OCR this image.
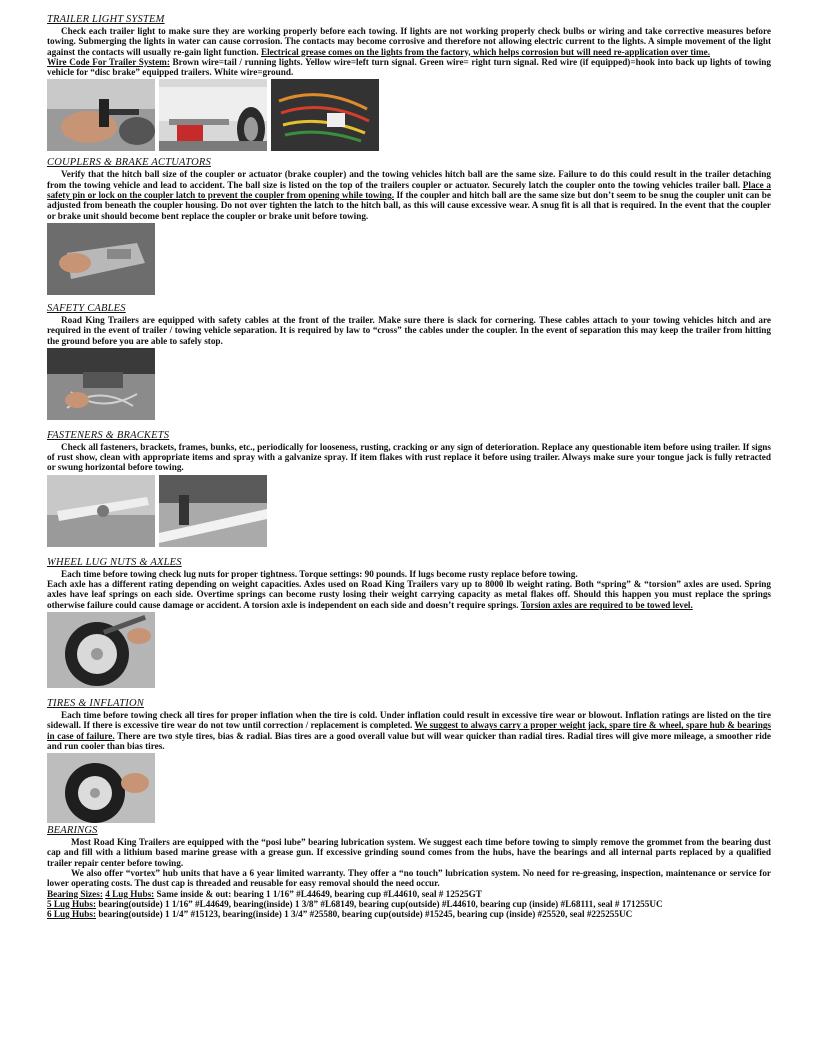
TRAILER LIGHT SYSTEM

Check each trailer light to make sure they are working properly before each towing. If lights are not working properly check bulbs or wiring and take corrective measures before towing. Submerging the lights in water can cause corrosion. The contacts may become corrosive and therefore not allowing electric current to the lights. A simple movement of the light against the contacts will usually re-gain light function. Electrical grease comes on the lights from the factory, which helps corrosion but will need re-application over time.

Wire Code For Trailer System: Brown wire=tail / running lights. Yellow wire=left turn signal. Green wire= right turn signal. Red wire (if equipped)=hook into back up lights of towing vehicle for “disc brake” equipped trailers. White wire=ground.

COUPLERS & BRAKE ACTUATORS

Verify that the hitch ball size of the coupler or actuator (brake coupler) and the towing vehicles hitch ball are the same size. Failure to do this could result in the trailer detaching from the towing vehicle and lead to accident. The ball size is listed on the top of the trailers coupler or actuator. Securely latch the coupler onto the towing vehicles trailer ball. Place a safety pin or lock on the coupler latch to prevent the coupler from opening while towing. If the coupler and hitch ball are the same size but don’t seem to be snug the coupler unit can be adjusted from beneath the coupler housing. Do not over tighten the latch to the hitch ball, as this will cause excessive wear. A snug fit is all that is required. In the event that the coupler or brake unit should become bent replace the coupler or brake unit before towing.

SAFETY CABLES

Road King Trailers are equipped with safety cables at the front of the trailer. Make sure there is slack for cornering. These cables attach to your towing vehicles hitch and are required in the event of trailer / towing vehicle separation. It is required by law to “cross” the cables under the coupler. In the event of separation this may keep the trailer from hitting the ground before you are able to safely stop.

FASTENERS & BRACKETS

Check all fasteners, brackets, frames, bunks, etc., periodically for looseness, rusting, cracking or any sign of deterioration. Replace any questionable item before using trailer. If signs of rust show, clean with appropriate items and spray with a galvanize spray. If item flakes with rust replace it before using trailer. Always make sure your tongue jack is fully retracted or swung horizontal before towing.

WHEEL LUG NUTS & AXLES

Each time before towing check lug nuts for proper tightness. Torque settings: 90 pounds. If lugs become rusty replace before towing.

Each axle has a different rating depending on weight capacities. Axles used on Road King Trailers vary up to 8000 lb weight rating. Both “spring” & “torsion” axles are used. Spring axles have leaf springs on each side. Overtime springs can become rusty losing their weight carrying capacity as metal flakes off. Should this happen you must replace the springs otherwise failure could cause damage or accident. A torsion axle is independent on each side and doesn’t require springs. Torsion axles are required to be towed level.

TIRES & INFLATION

Each time before towing check all tires for proper inflation when the tire is cold. Under inflation could result in excessive tire wear or blowout. Inflation ratings are listed on the tire sidewall. If there is excessive tire wear do not tow until correction / replacement is completed. We suggest to always carry a proper weight jack, spare tire & wheel, spare hub & bearings in case of failure. There are two style tires, bias & radial. Bias tires are a good overall value but will wear quicker than radial tires. Radial tires will give more mileage, a smoother ride and run cooler than bias tires.

BEARINGS

Most Road King Trailers are equipped with the “posi lube” bearing lubrication system. We suggest each time before towing to simply remove the grommet from the bearing dust cap and fill with a lithium based marine grease with a grease gun. If excessive grinding sound comes from the hubs, have the bearings and all internal parts replaced by a qualified trailer repair center before towing.

We also offer “vortex” hub units that have a 6 year limited warranty. They offer a “no touch” lubrication system. No need for re-greasing, inspection, maintenance or service for lower operating costs. The dust cap is threaded and reusable for easy removal should the need occur.

Bearing Sizes: 4 Lug Hubs: Same inside & out: bearing 1 1/16” #L44649, bearing cup #L44610, seal # 12525GT

5 Lug Hubs: bearing(outside) 1 1/16” #L44649, bearing(inside) 1 3/8” #L68149, bearing cup(outside) #L44610, bearing cup (inside) #L68111, seal # 171255UC

6 Lug Hubs: bearing(outside) 1 1/4” #15123, bearing(inside) 1 3/4” #25580, bearing cup(outside) #15245, bearing cup (inside) #25520, seal #225255UC
